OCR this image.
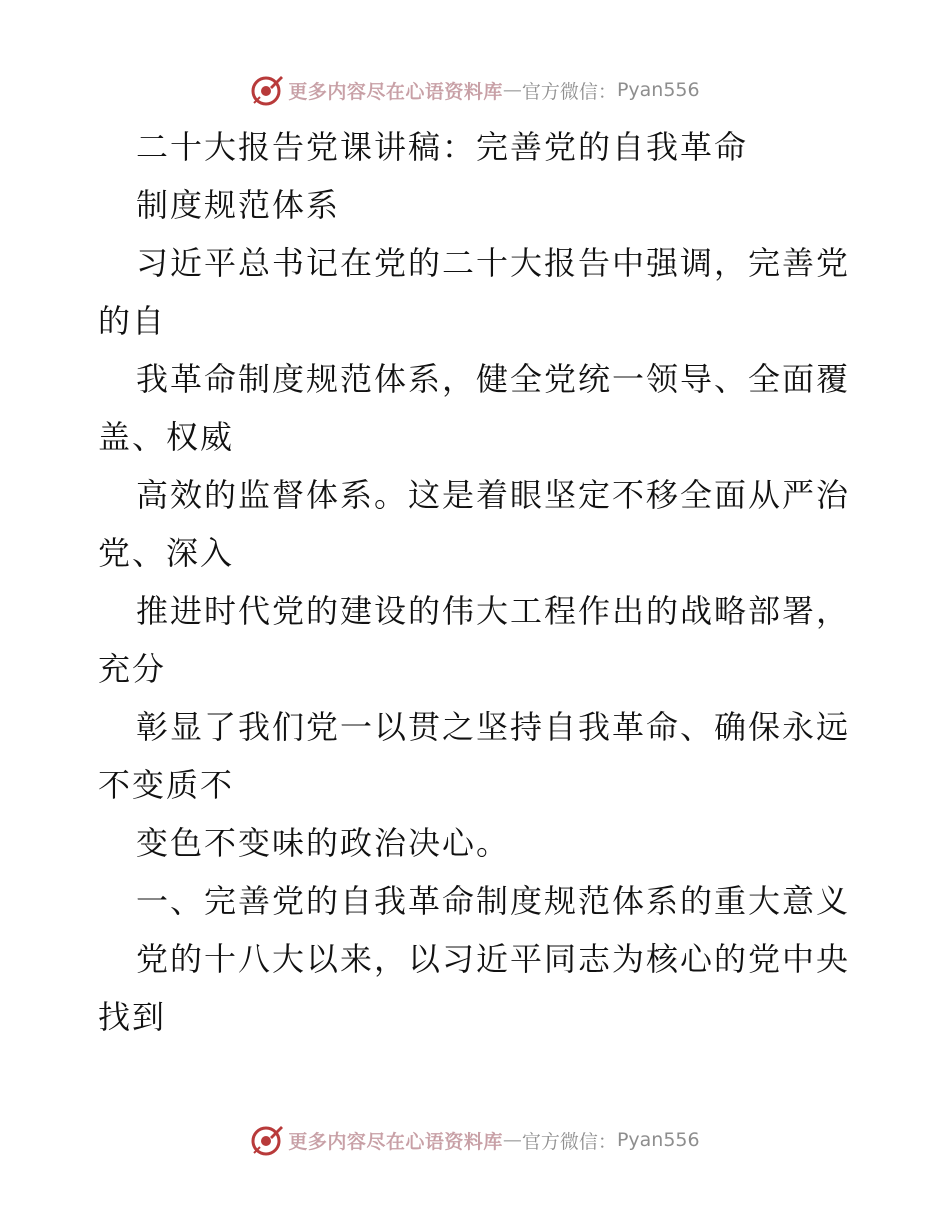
更多内容尽在心语资料库 — 官方微信： Pyan556
二十大报告党课讲稿：完善党的自我革命
制度规范体系
习近平总书记在党的二十大报告中强调，完善党
的自
我革命制度规范体系，健全党统一领导、全面覆
盖、权威
高效的监督体系。这是着眼坚定不移全面从严治
党、深入
推进时代党的建设的伟大工程作出的战略部署，
充分
彰显了我们党一以贯之坚持自我革命、确保永远
不变质不
变色不变味的政治决心。
一、完善党的自我革命制度规范体系的重大意义
党的十八大以来，以习近平同志为核心的党中央
找到
更多内容尽在心语资料库 — 官方微信： Pyan556
